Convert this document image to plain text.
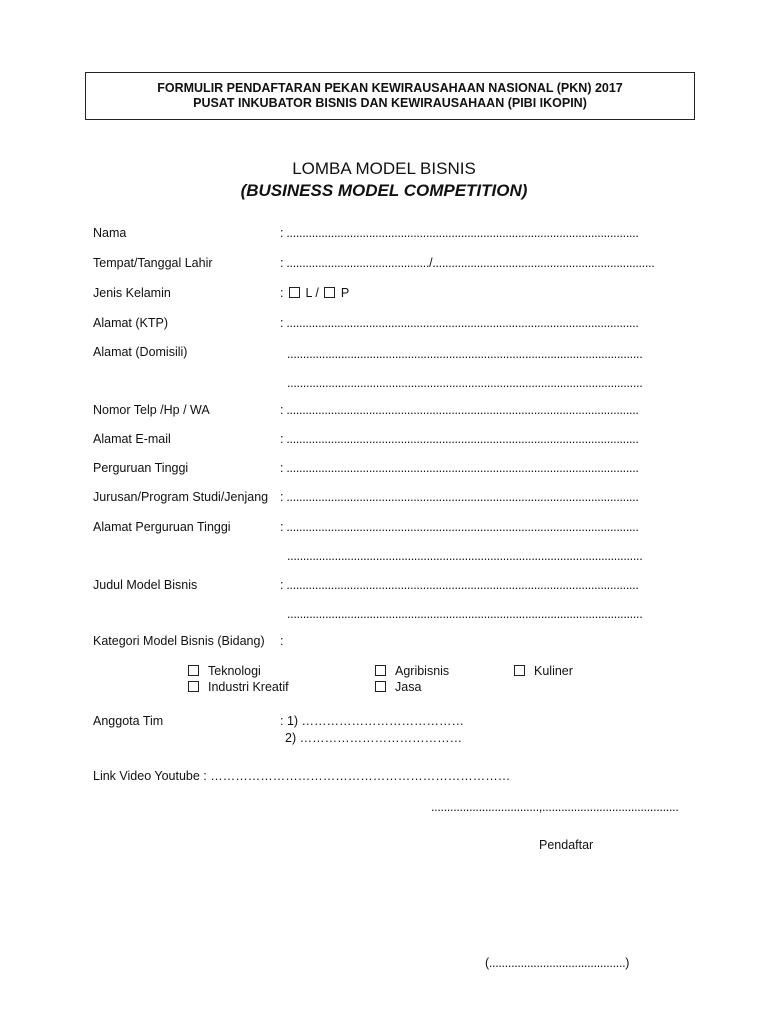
FORMULIR PENDAFTARAN PEKAN KEWIRAUSAHAAN NASIONAL (PKN) 2017
PUSAT INKUBATOR BISNIS DAN KEWIRAUSAHAAN (PIBI IKOPIN)
LOMBA MODEL BISNIS
(BUSINESS MODEL COMPETITION)
Nama	: ...............................................................................................................
Tempat/Tanggal Lahir	: ............................................./......................................................................
Jenis Kelamin	: L / P
Alamat (KTP)	: ...............................................................................................................
Alamat (Domisili)	................................................................................................................
................................................................................................................
Nomor Telp /Hp / WA	: ...............................................................................................................
Alamat E-mail	: ...............................................................................................................
Perguruan Tinggi	: ...............................................................................................................
Jurusan/Program Studi/Jenjang : ...............................................................................................................
Alamat Perguruan Tinggi	: ...............................................................................................................
................................................................................................................
Judul Model Bisnis	: ...............................................................................................................
................................................................................................................
Kategori Model Bisnis (Bidang) :
Teknologi	Agribisnis	Kuliner
Industri Kreatif	Jasa
Anggota Tim	: 1) …………………………………
2) …………………………………
Link Video Youtube : ………………………………………………………………
..................................,...........................................
Pendaftar
(...........................................)
